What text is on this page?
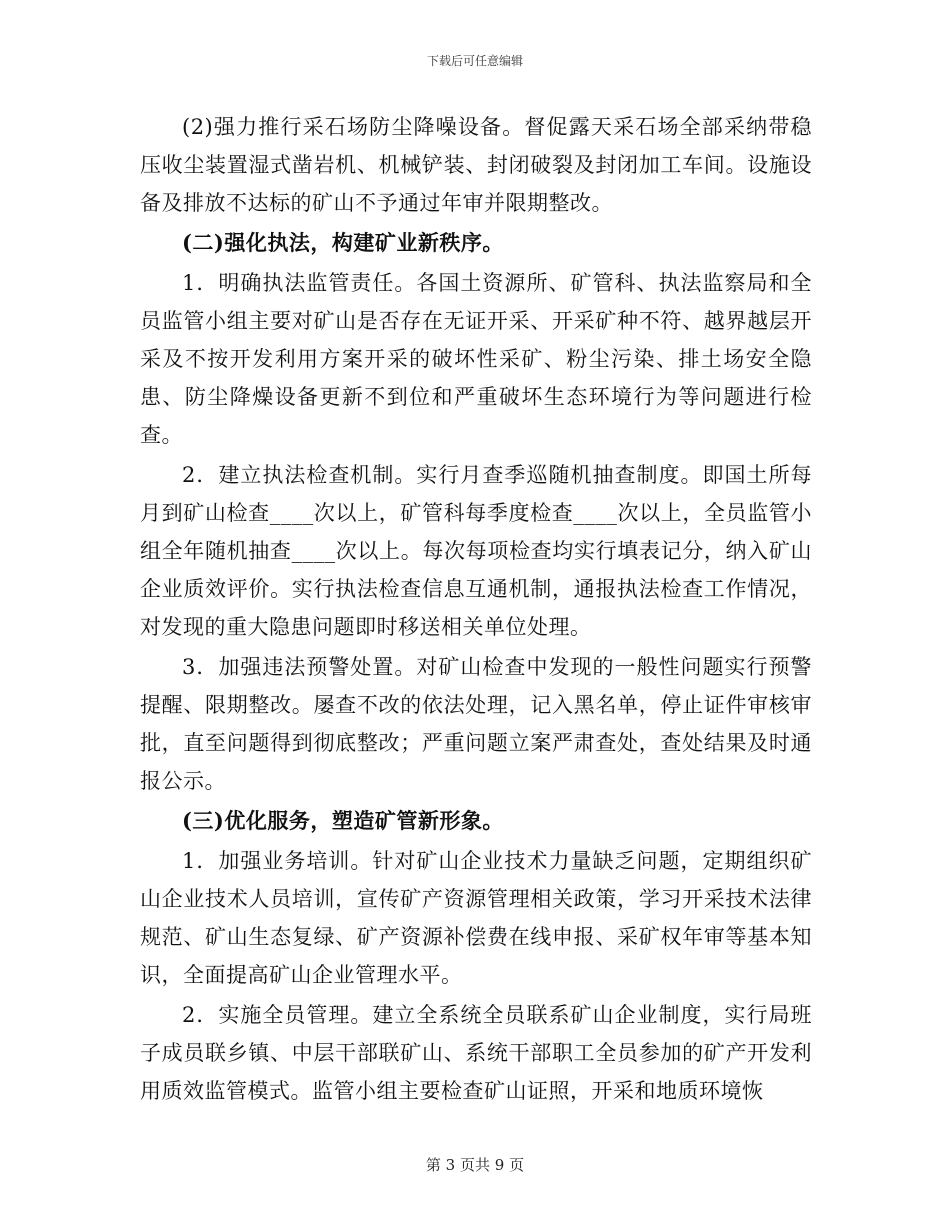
下载后可任意编辑

(2)强力推行采石场防尘降噪设备。督促露天采石场全部采纳带稳压收尘装置湿式凿岩机、机械铲装、封闭破裂及封闭加工车间。设施设备及排放不达标的矿山不予通过年审并限期整改。

(二)强化执法，构建矿业新秩序。

1．明确执法监管责任。各国土资源所、矿管科、执法监察局和全员监管小组主要对矿山是否存在无证开采、开采矿种不符、越界越层开采及不按开发利用方案开采的破坏性采矿、粉尘污染、排土场安全隐患、防尘降燥设备更新不到位和严重破坏生态环境行为等问题进行检查。

2．建立执法检查机制。实行月查季巡随机抽查制度。即国土所每月到矿山检查____次以上，矿管科每季度检查____次以上，全员监管小组全年随机抽查____次以上。每次每项检查均实行填表记分，纳入矿山企业质效评价。实行执法检查信息互通机制，通报执法检查工作情况，对发现的重大隐患问题即时移送相关单位处理。

3．加强违法预警处置。对矿山检查中发现的一般性问题实行预警提醒、限期整改。屡查不改的依法处理，记入黑名单，停止证件审核审批，直至问题得到彻底整改；严重问题立案严肃查处，查处结果及时通报公示。

(三)优化服务，塑造矿管新形象。

1．加强业务培训。针对矿山企业技术力量缺乏问题，定期组织矿山企业技术人员培训，宣传矿产资源管理相关政策，学习开采技术法律规范、矿山生态复绿、矿产资源补偿费在线申报、采矿权年审等基本知识，全面提高矿山企业管理水平。

2．实施全员管理。建立全系统全员联系矿山企业制度，实行局班子成员联乡镇、中层干部联矿山、系统干部职工全员参加的矿产开发利用质效监管模式。监管小组主要检查矿山证照，开采和地质环境恢

第 3 页共 9 页
